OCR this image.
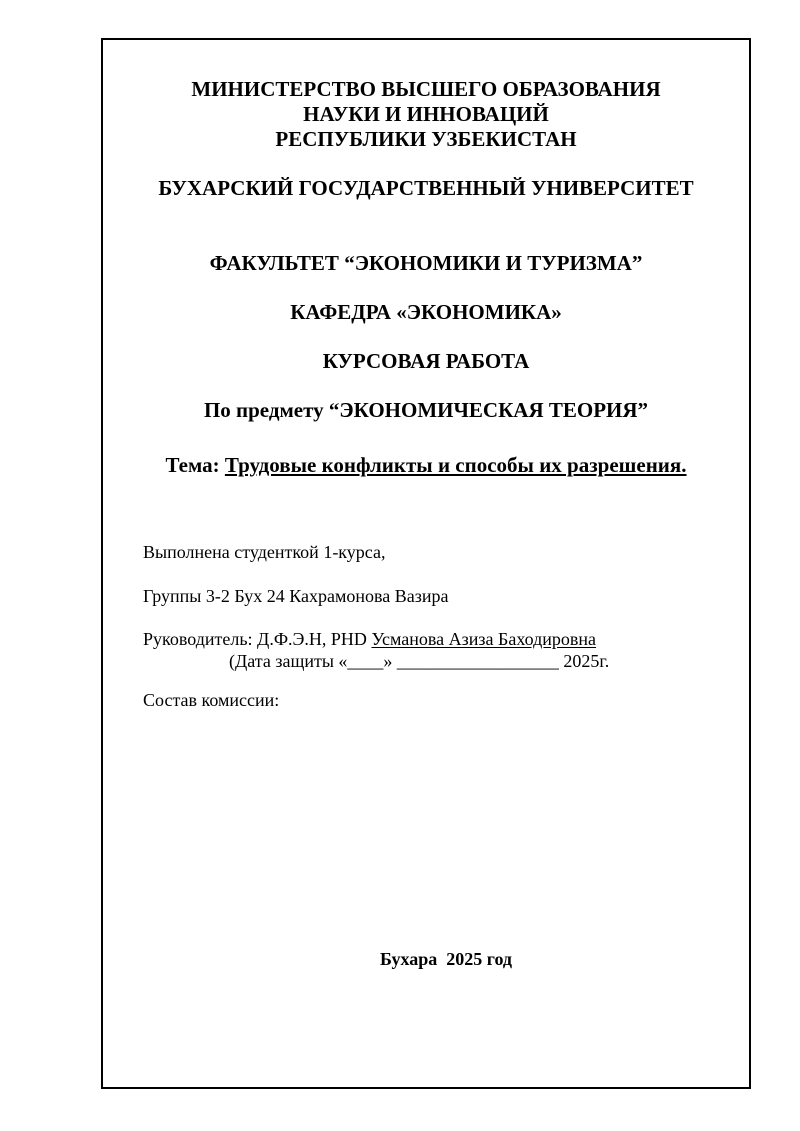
МИНИСТЕРСТВО ВЫСШЕГО ОБРАЗОВАНИЯ
НАУКИ И ИННОВАЦИЙ
РЕСПУБЛИКИ УЗБЕКИСТАН
БУХАРСКИЙ ГОСУДАРСТВЕННЫЙ УНИВЕРСИТЕТ
ФАКУЛЬТЕТ “ЭКОНОМИКИ И ТУРИЗМА”
КАФЕДРА «ЭКОНОМИКА»
КУРСОВАЯ РАБОТА
По предмету “ЭКОНОМИЧЕСКАЯ ТЕОРИЯ”
Тема: Трудовые конфликты и способы их разрешения.
Выполнена студенткой 1-курса,
Группы 3-2 Бух 24 Кахрамонова Вазира
Руководитель: Д.Ф.Э.Н, PHD Усманова Азиза Баходировна
(Дата защиты «____» __________________ 2025г.
Состав комиссии:
Бухара  2025 год
